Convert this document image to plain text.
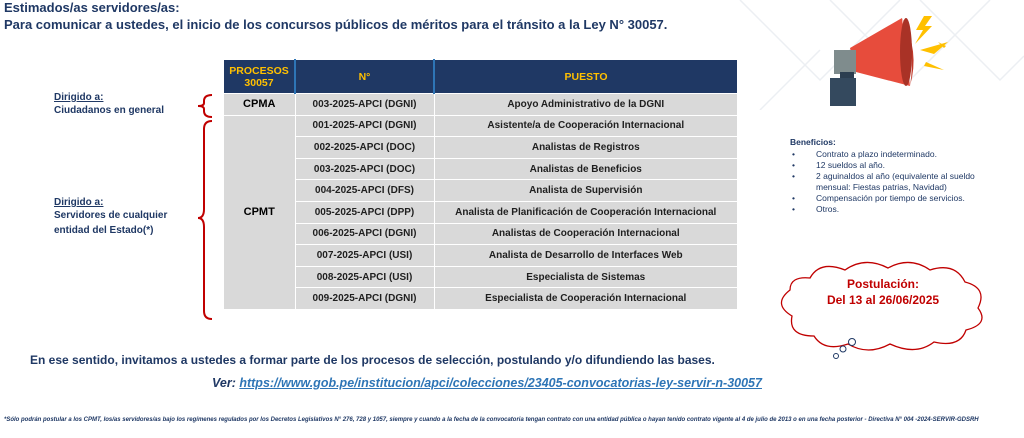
Estimados/as servidores/as:
Para comunicar a ustedes, el inicio de los concursos públicos de méritos para el tránsito a la Ley N° 30057.
Dirigido a:
Ciudadanos en general
Dirigido a:
Servidores de cualquier
entidad del Estado(*)
PROCESOS
30057	N°	PUESTO
CPMA	003-2025-APCI (DGNI)	Apoyo Administrativo de la DGNI
CPMT	001-2025-APCI (DGNI)	Asistente/a de Cooperación Internacional
	002-2025-APCI (DOC)	Analistas de Registros
	003-2025-APCI (DOC)	Analistas de Beneficios
	004-2025-APCI (DFS)	Analista de Supervisión
	005-2025-APCI (DPP)	Analista de Planificación de Cooperación Internacional
	006-2025-APCI (DGNI)	Analistas de Cooperación Internacional
	007-2025-APCI (USI)	Analista de Desarrollo de Interfaces Web
	008-2025-APCI (USI)	Especialista de Sistemas
	009-2025-APCI (DGNI)	Especialista de Cooperación Internacional
Beneficios:
• Contrato a plazo indeterminado.
• 12 sueldos al año.
• 2 aguinaldos al año (equivalente al sueldo mensual: Fiestas patrias, Navidad)
• Compensación por tiempo de servicios.
• Otros.
Postulación:
Del 13 al 26/06/2025
En ese sentido, invitamos a ustedes a formar parte de los procesos de selección, postulando y/o difundiendo las bases.
Ver: https://www.gob.pe/institucion/apci/colecciones/23405-convocatorias-ley-servir-n-30057
*Sólo podrán postular a los CPMT, los/as servidores/as bajo los regímenes regulados por los Decretos Legislativos N° 276, 728 y 1057, siempre y cuando a la fecha de la convocatoria tengan contrato con una entidad pública o hayan tenido contrato vigente al 4 de julio de 2013 o en una fecha posterior - Directiva N° 004 -2024-SERVIR-GDSRH
